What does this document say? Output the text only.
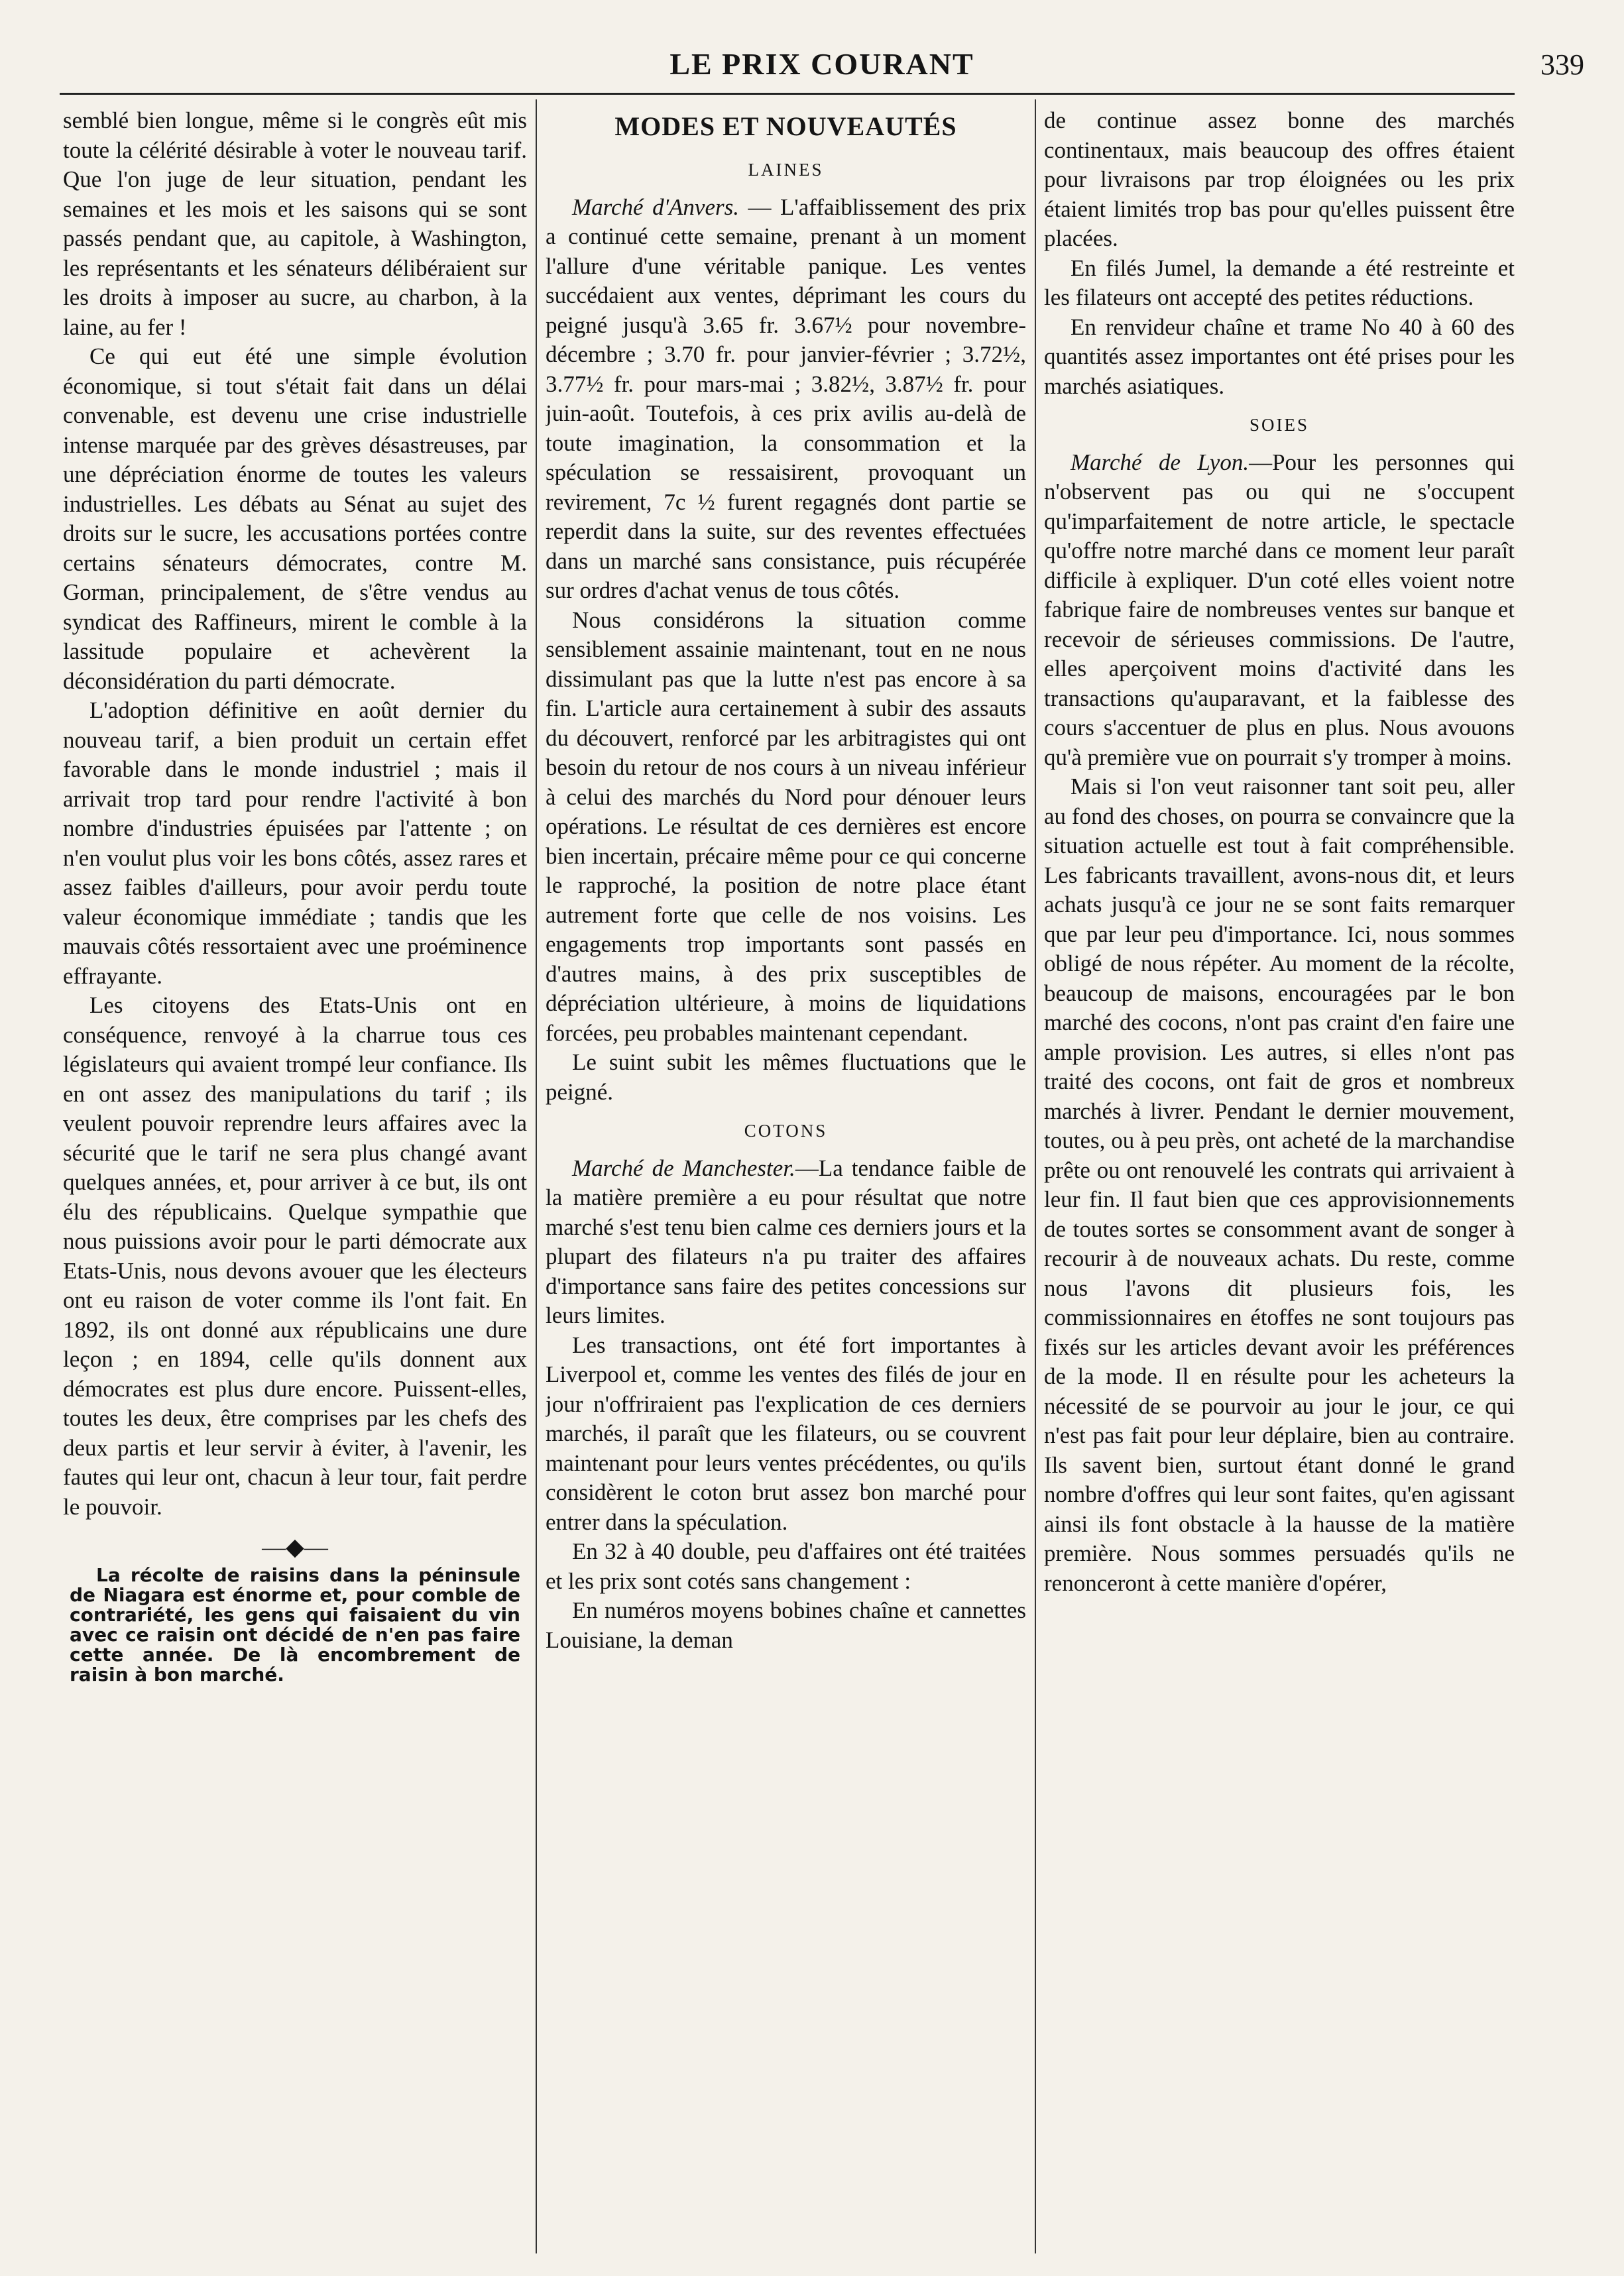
LE PRIX COURANT	339

semblé bien longue, même si le congrès eût mis toute la célérité désirable à voter le nouveau tarif. Que l'on juge de leur situation, pendant les semaines et les mois et les saisons qui se sont passés pendant que, au capitole, à Washington, les représentants et les sénateurs délibéraient sur les droits à imposer au sucre, au charbon, à la laine, au fer !

Ce qui eut été une simple évolution économique, si tout s'était fait dans un délai convenable, est devenu une crise industrielle intense marquée par des grèves désastreuses, par une dépréciation énorme de toutes les valeurs industrielles. Les débats au Sénat au sujet des droits sur le sucre, les accusations portées contre certains sénateurs démocrates, contre M. Gorman, principalement, de s'être vendus au syndicat des Raffineurs, mirent le comble à la lassitude populaire et achevèrent la déconsidération du parti démocrate.

L'adoption définitive en août dernier du nouveau tarif, a bien produit un certain effet favorable dans le monde industriel ; mais il arrivait trop tard pour rendre l'activité à bon nombre d'industries épuisées par l'attente ; on n'en voulut plus voir les bons côtés, assez rares et assez faibles d'ailleurs, pour avoir perdu toute valeur économique immédiate ; tandis que les mauvais côtés ressortaient avec une proéminence effrayante.

Les citoyens des Etats-Unis ont en conséquence, renvoyé à la charrue tous ces législateurs qui avaient trompé leur confiance. Ils en ont assez des manipulations du tarif ; ils veulent pouvoir reprendre leurs affaires avec la sécurité que le tarif ne sera plus changé avant quelques années, et, pour arriver à ce but, ils ont élu des républicains. Quelque sympathie que nous puissions avoir pour le parti démocrate aux Etats-Unis, nous devons avouer que les électeurs ont eu raison de voter comme ils l'ont fait. En 1892, ils ont donné aux républicains une dure leçon ; en 1894, celle qu'ils donnent aux démocrates est plus dure encore. Puissent-elles, toutes les deux, être comprises par les chefs des deux partis et leur servir à éviter, à l'avenir, les fautes qui leur ont, chacun à leur tour, fait perdre le pouvoir.

—◆—

La récolte de raisins dans la péninsule de Niagara est énorme et, pour comble de contrariété, les gens qui faisaient du vin avec ce raisin ont décidé de n'en pas faire cette année. De là encombrement de raisin à bon marché.

MODES ET NOUVEAUTÉS
LAINES

Marché d'Anvers. — L'affaiblissement des prix a continué cette semaine, prenant à un moment l'allure d'une véritable panique. Les ventes succédaient aux ventes, déprimant les cours du peigné jusqu'à 3.65 fr. 3.67½ pour novembre-décembre ; 3.70 fr. pour janvier-février ; 3.72½, 3.77½ fr. pour mars-mai ; 3.82½, 3.87½ fr. pour juin-août. Toutefois, à ces prix avilis au-delà de toute imagination, la consommation et la spéculation se ressaisirent, provoquant un revirement, 7c ½ furent regagnés dont partie se reperdit dans la suite, sur des reventes effectuées dans un marché sans consistance, puis récupérée sur ordres d'achat venus de tous côtés.

Nous considérons la situation comme sensiblement assainie maintenant, tout en ne nous dissimulant pas que la lutte n'est pas encore à sa fin. L'article aura certainement à subir des assauts du découvert, renforcé par les arbitragistes qui ont besoin du retour de nos cours à un niveau inférieur à celui des marchés du Nord pour dénouer leurs opérations. Le résultat de ces dernières est encore bien incertain, précaire même pour ce qui concerne le rapproché, la position de notre place étant autrement forte que celle de nos voisins. Les engagements trop importants sont passés en d'autres mains, à des prix susceptibles de dépréciation ultérieure, à moins de liquidations forcées, peu probables maintenant cependant.

Le suint subit les mêmes fluctuations que le peigné.

COTONS

Marché de Manchester.—La tendance faible de la matière première a eu pour résultat que notre marché s'est tenu bien calme ces derniers jours et la plupart des filateurs n'a pu traiter des affaires d'importance sans faire des petites concessions sur leurs limites.

Les transactions, ont été fort importantes à Liverpool et, comme les ventes des filés de jour en jour n'offriraient pas l'explication de ces derniers marchés, il paraît que les filateurs, ou se couvrent maintenant pour leurs ventes précédentes, ou qu'ils considèrent le coton brut assez bon marché pour entrer dans la spéculation.

En 32 à 40 double, peu d'affaires ont été traitées et les prix sont cotés sans changement :

En numéros moyens bobines chaîne et cannettes Louisiane, la deman

de continue assez bonne des marchés continentaux, mais beaucoup des offres étaient pour livraisons par trop éloignées ou les prix étaient limités trop bas pour qu'elles puissent être placées.

En filés Jumel, la demande a été restreinte et les filateurs ont accepté des petites réductions.

En renvideur chaîne et trame No 40 à 60 des quantités assez importantes ont été prises pour les marchés asiatiques.

SOIES

Marché de Lyon.—Pour les personnes qui n'observent pas ou qui ne s'occupent qu'imparfaitement de notre article, le spectacle qu'offre notre marché dans ce moment leur paraît difficile à expliquer. D'un coté elles voient notre fabrique faire de nombreuses ventes sur banque et recevoir de sérieuses commissions. De l'autre, elles aperçoivent moins d'activité dans les transactions qu'auparavant, et la faiblesse des cours s'accentuer de plus en plus. Nous avouons qu'à première vue on pourrait s'y tromper à moins.

Mais si l'on veut raisonner tant soit peu, aller au fond des choses, on pourra se convaincre que la situation actuelle est tout à fait compréhensible. Les fabricants travaillent, avons-nous dit, et leurs achats jusqu'à ce jour ne se sont faits remarquer que par leur peu d'importance. Ici, nous sommes obligé de nous répéter. Au moment de la récolte, beaucoup de maisons, encouragées par le bon marché des cocons, n'ont pas craint d'en faire une ample provision. Les autres, si elles n'ont pas traité des cocons, ont fait de gros et nombreux marchés à livrer. Pendant le dernier mouvement, toutes, ou à peu près, ont acheté de la marchandise prête ou ont renouvelé les contrats qui arrivaient à leur fin. Il faut bien que ces approvisionnements de toutes sortes se consomment avant de songer à recourir à de nouveaux achats. Du reste, comme nous l'avons dit plusieurs fois, les commissionnaires en étoffes ne sont toujours pas fixés sur les articles devant avoir les préférences de la mode. Il en résulte pour les acheteurs la nécessité de se pourvoir au jour le jour, ce qui n'est pas fait pour leur déplaire, bien au contraire. Ils savent bien, surtout étant donné le grand nombre d'offres qui leur sont faites, qu'en agissant ainsi ils font obstacle à la hausse de la matière première. Nous sommes persuadés qu'ils ne renonceront à cette manière d'opérer,
